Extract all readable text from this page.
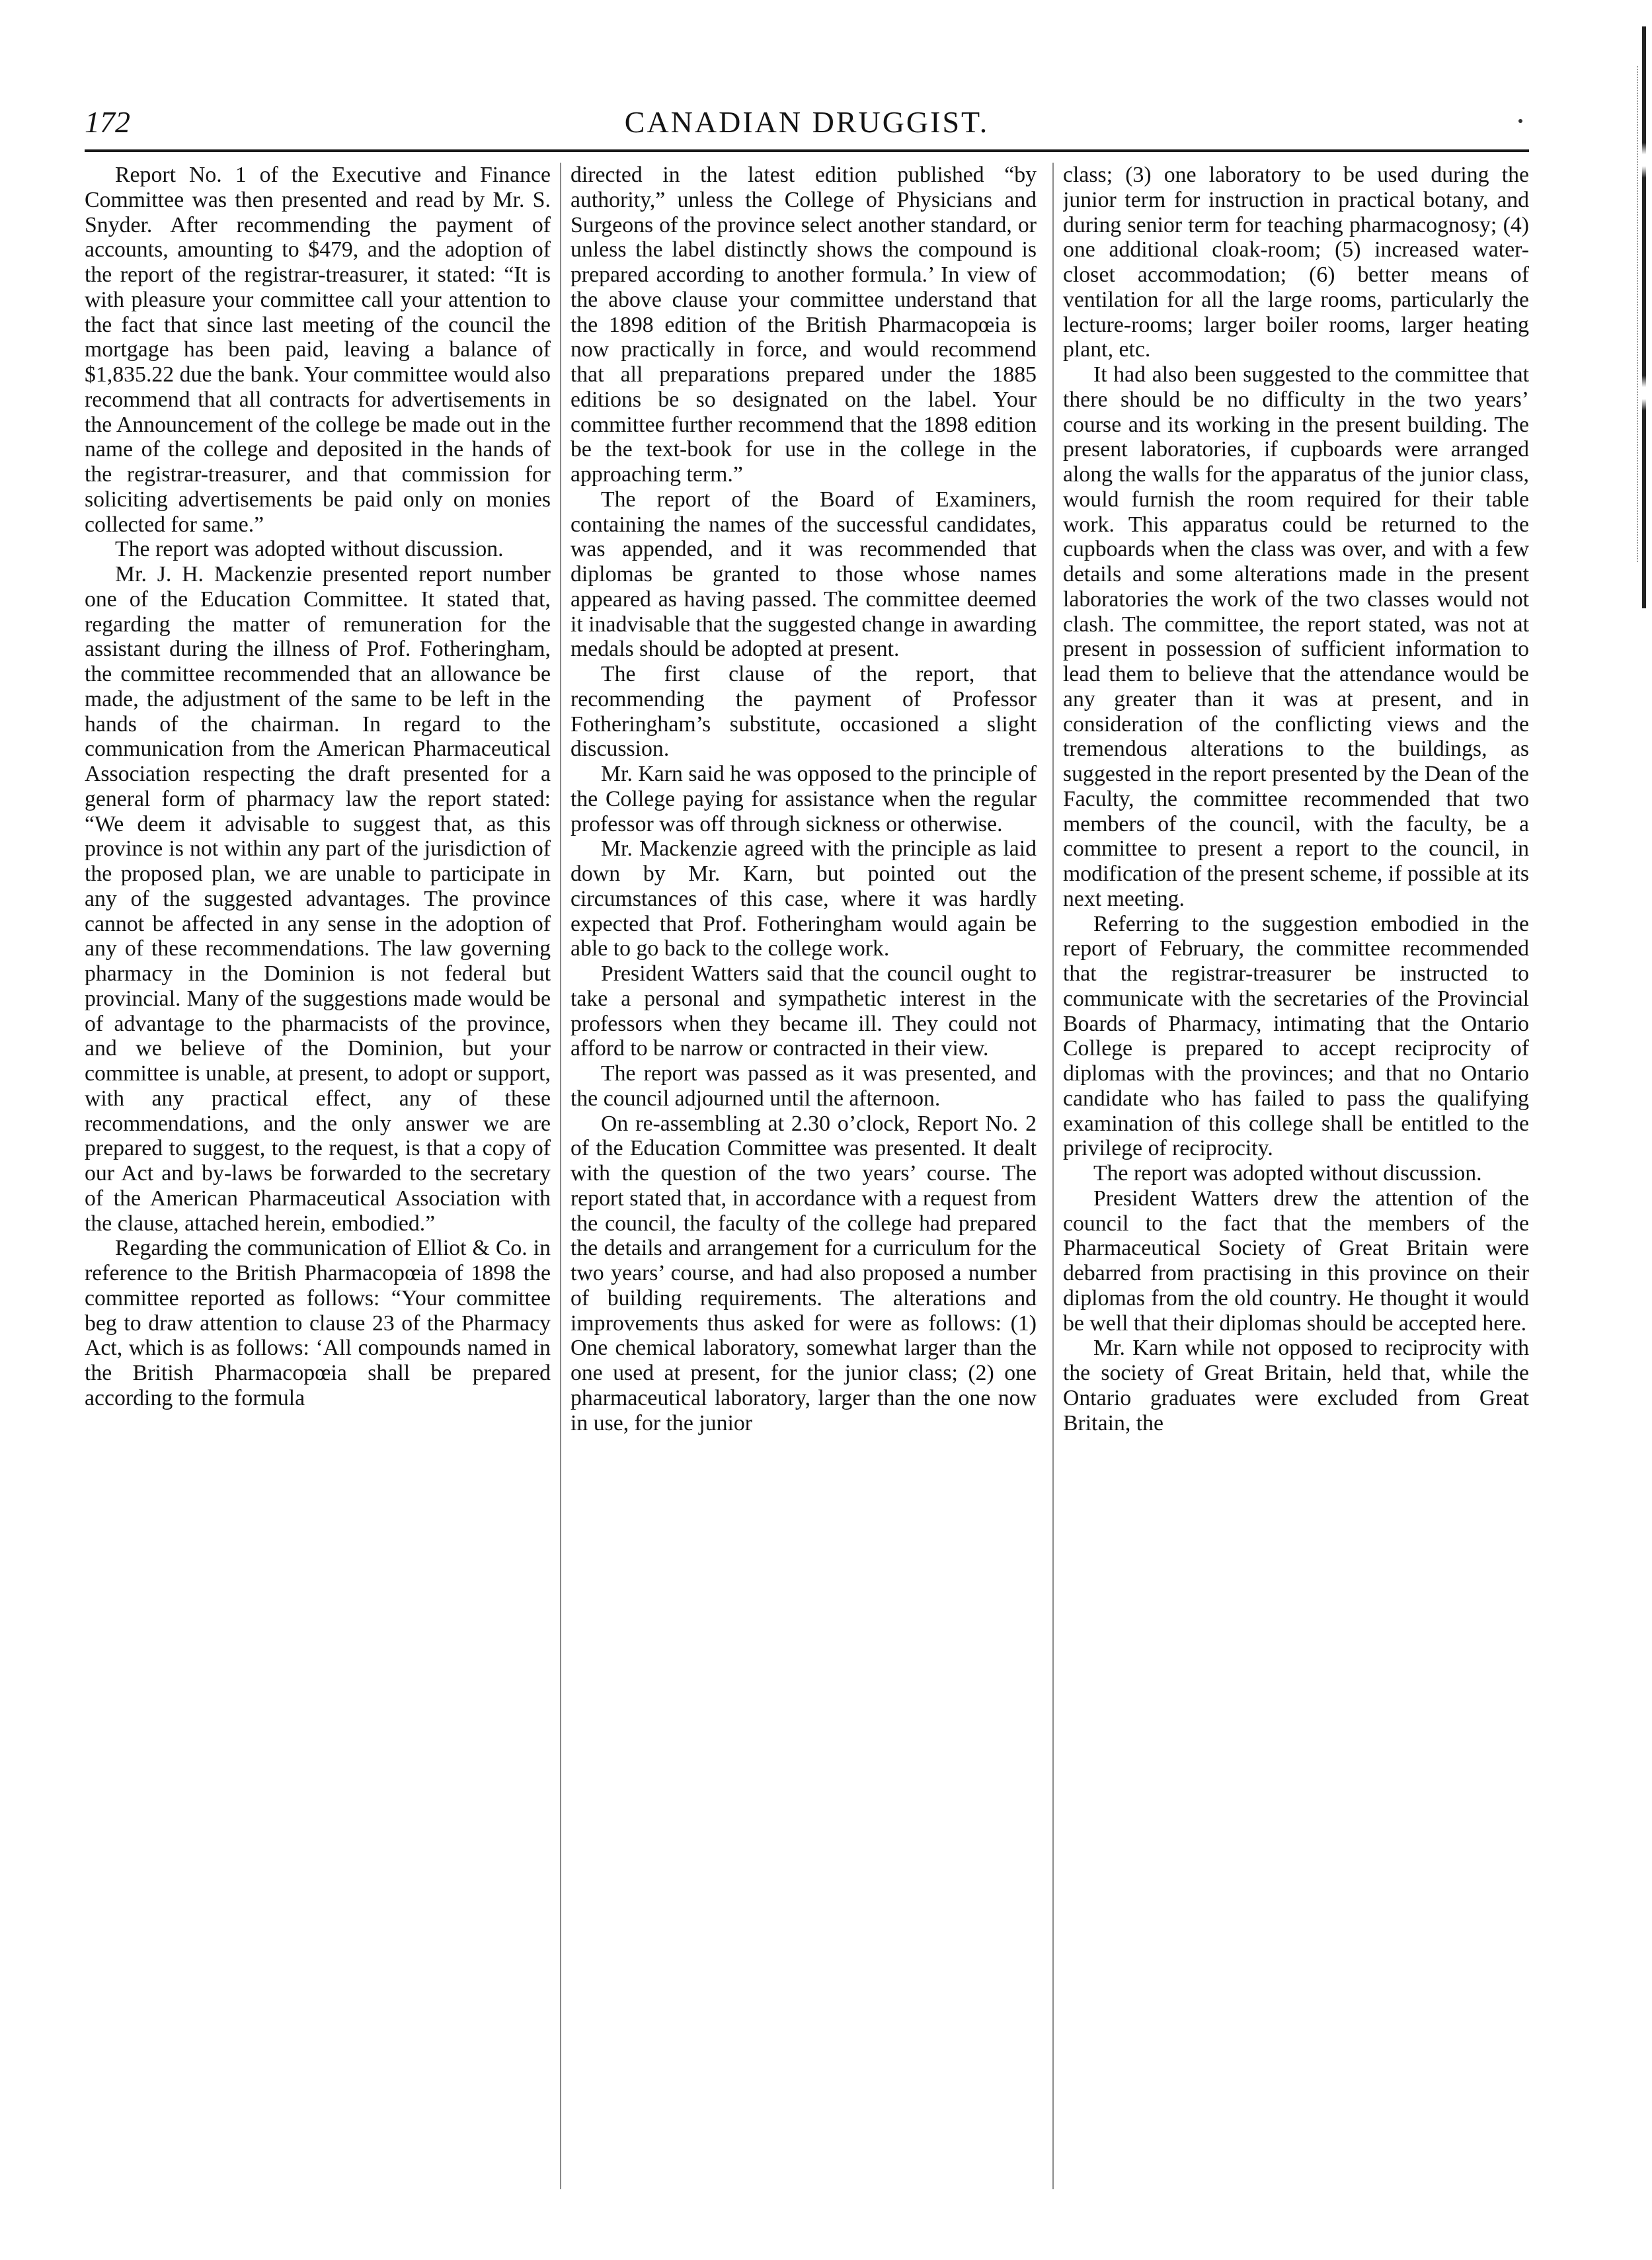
172	CANADIAN DRUGGIST.

Report No. 1 of the Executive and Finance Committee was then presented and read by Mr. S. Snyder. After recommending the payment of accounts, amounting to $479, and the adoption of the report of the registrar-treasurer, it stated: “It is with pleasure your committee call your attention to the fact that since last meeting of the council the mortgage has been paid, leaving a balance of $1,835.22 due the bank. Your committee would also recommend that all contracts for advertisements in the Announcement of the college be made out in the name of the college and deposited in the hands of the registrar-treasurer, and that commission for soliciting advertisements be paid only on monies collected for same.”

The report was adopted without discussion.

Mr. J. H. Mackenzie presented report number one of the Education Committee. It stated that, regarding the matter of remuneration for the assistant during the illness of Prof. Fotheringham, the committee recommended that an allowance be made, the adjustment of the same to be left in the hands of the chairman. In regard to the communication from the American Pharmaceutical Association respecting the draft presented for a general form of pharmacy law the report stated: “We deem it advisable to suggest that, as this province is not within any part of the jurisdiction of the proposed plan, we are unable to participate in any of the suggested advantages. The province cannot be affected in any sense in the adoption of any of these recommendations. The law governing pharmacy in the Dominion is not federal but provincial. Many of the suggestions made would be of advantage to the pharmacists of the province, and we believe of the Dominion, but your committee is unable, at present, to adopt or support, with any practical effect, any of these recommendations, and the only answer we are prepared to suggest, to the request, is that a copy of our Act and by-laws be forwarded to the secretary of the American Pharmaceutical Association with the clause, attached herein, embodied.”

Regarding the communication of Elliot & Co. in reference to the British Pharmacopœia of 1898 the committee reported as follows: “Your committee beg to draw attention to clause 23 of the Pharmacy Act, which is as follows: ‘All compounds named in the British Pharmacopœia shall be prepared according to the formula

directed in the latest edition published “by authority,” unless the College of Physicians and Surgeons of the province select another standard, or unless the label distinctly shows the compound is prepared according to another formula.’ In view of the above clause your committee understand that the 1898 edition of the British Pharmacopœia is now practically in force, and would recommend that all preparations prepared under the 1885 editions be so designated on the label. Your committee further recommend that the 1898 edition be the text-book for use in the college in the approaching term.”

The report of the Board of Examiners, containing the names of the successful candidates, was appended, and it was recommended that diplomas be granted to those whose names appeared as having passed. The committee deemed it inadvisable that the suggested change in awarding medals should be adopted at present.

The first clause of the report, that recommending the payment of Professor Fotheringham’s substitute, occasioned a slight discussion.

Mr. Karn said he was opposed to the principle of the College paying for assistance when the regular professor was off through sickness or otherwise.

Mr. Mackenzie agreed with the principle as laid down by Mr. Karn, but pointed out the circumstances of this case, where it was hardly expected that Prof. Fotheringham would again be able to go back to the college work.

President Watters said that the council ought to take a personal and sympathetic interest in the professors when they became ill. They could not afford to be narrow or contracted in their view.

The report was passed as it was presented, and the council adjourned until the afternoon.

On re-assembling at 2.30 o’clock, Report No. 2 of the Education Committee was presented. It dealt with the question of the two years’ course. The report stated that, in accordance with a request from the council, the faculty of the college had prepared the details and arrangement for a curriculum for the two years’ course, and had also proposed a number of building requirements. The alterations and improvements thus asked for were as follows: (1) One chemical laboratory, somewhat larger than the one used at present, for the junior class; (2) one pharmaceutical laboratory, larger than the one now in use, for the junior

class; (3) one laboratory to be used during the junior term for instruction in practical botany, and during senior term for teaching pharmacognosy; (4) one additional cloak-room; (5) increased water-closet accommodation; (6) better means of ventilation for all the large rooms, particularly the lecture-rooms; larger boiler rooms, larger heating plant, etc.

It had also been suggested to the committee that there should be no difficulty in the two years’ course and its working in the present building. The present laboratories, if cupboards were arranged along the walls for the apparatus of the junior class, would furnish the room required for their table work. This apparatus could be returned to the cupboards when the class was over, and with a few details and some alterations made in the present laboratories the work of the two classes would not clash. The committee, the report stated, was not at present in possession of sufficient information to lead them to believe that the attendance would be any greater than it was at present, and in consideration of the conflicting views and the tremendous alterations to the buildings, as suggested in the report presented by the Dean of the Faculty, the committee recommended that two members of the council, with the faculty, be a committee to present a report to the council, in modification of the present scheme, if possible at its next meeting.

Referring to the suggestion embodied in the report of February, the committee recommended that the registrar-treasurer be instructed to communicate with the secretaries of the Provincial Boards of Pharmacy, intimating that the Ontario College is prepared to accept reciprocity of diplomas with the provinces; and that no Ontario candidate who has failed to pass the qualifying examination of this college shall be entitled to the privilege of reciprocity.

The report was adopted without discussion.

President Watters drew the attention of the council to the fact that the members of the Pharmaceutical Society of Great Britain were debarred from practising in this province on their diplomas from the old country. He thought it would be well that their diplomas should be accepted here.

Mr. Karn while not opposed to reciprocity with the society of Great Britain, held that, while the Ontario graduates were excluded from Great Britain, the
